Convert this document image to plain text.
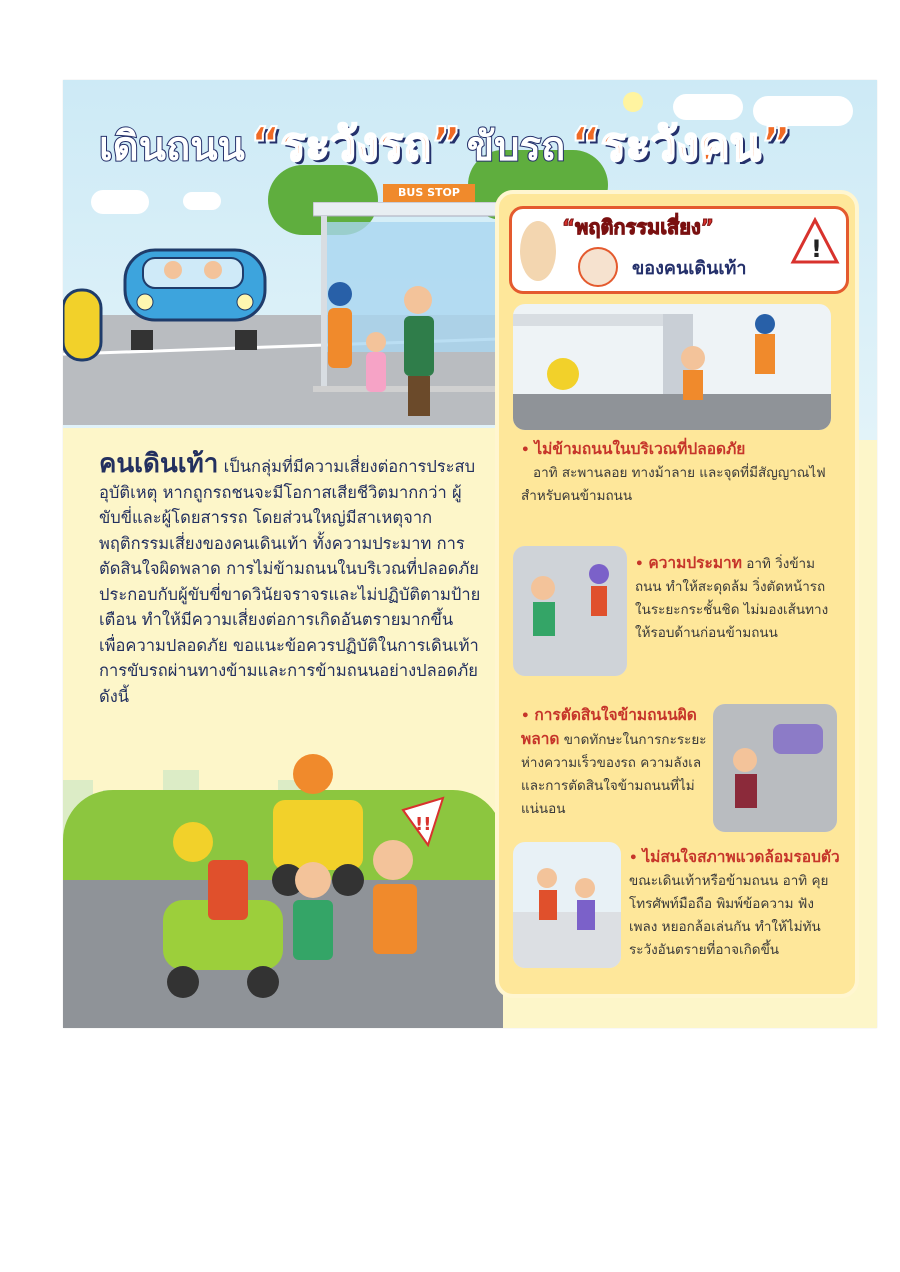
เดินถนน “ระวังรถ” ขับรถ “ระวังคน”
BUS STOP
คนเดินเท้า เป็นกลุ่มที่มีความเสี่ยงต่อการประสบอุบัติเหตุ หากถูกรถชนจะมีโอกาสเสียชีวิตมากกว่า ผู้ขับขี่และผู้โดยสารรถ โดยส่วนใหญ่มีสาเหตุจากพฤติกรรมเสี่ยงของคนเดินเท้า ทั้งความประมาท การตัดสินใจผิดพลาด การไม่ข้ามถนนในบริเวณที่ปลอดภัย ประกอบกับผู้ขับขี่ขาดวินัยจราจรและไม่ปฏิบัติตามป้ายเตือน ทำให้มีความเสี่ยงต่อการเกิดอันตรายมากขึ้น เพื่อความปลอดภัย ขอแนะข้อควรปฏิบัติในการเดินเท้า การขับรถผ่านทางข้ามและการข้ามถนนอย่างปลอดภัย ดังนี้
!!
“พฤติกรรมเสี่ยง”
ของคนเดินเท้า
!
• ไม่ข้ามถนนในบริเวณที่ปลอดภัย
อาทิ สะพานลอย ทางม้าลาย และจุดที่มีสัญญาณไฟสำหรับคนข้ามถนน
• ความประมาท อาทิ วิ่งข้ามถนน ทำให้สะดุดล้ม วิ่งตัดหน้ารถในระยะกระชั้นชิด ไม่มองเส้นทางให้รอบด้านก่อนข้ามถนน
• การตัดสินใจข้ามถนนผิดพลาด ขาดทักษะในการกะระยะห่างความเร็วของรถ ความลังเลและการตัดสินใจข้ามถนนที่ไม่แน่นอน
• ไม่สนใจสภาพแวดล้อมรอบตัว ขณะเดินเท้าหรือข้ามถนน อาทิ คุยโทรศัพท์มือถือ พิมพ์ข้อความ ฟังเพลง หยอกล้อเล่นกัน ทำให้ไม่ทันระวังอันตรายที่อาจเกิดขึ้น
